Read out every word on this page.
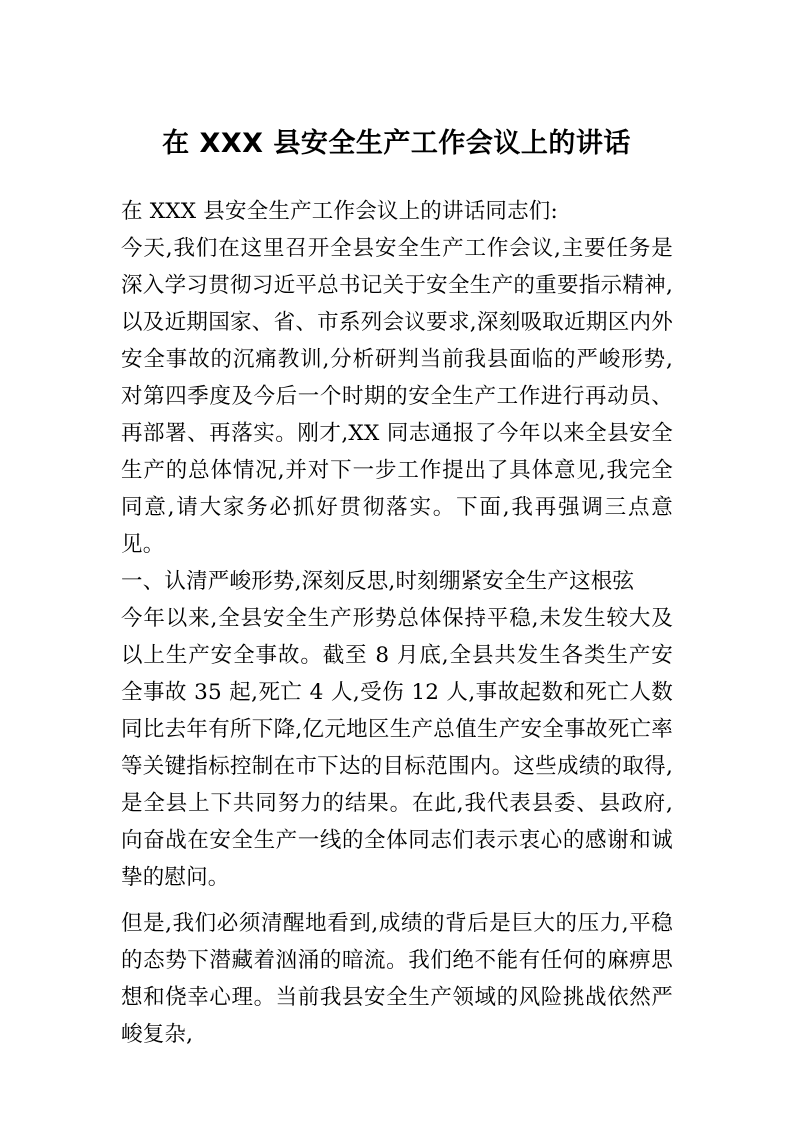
在 XXX 县安全生产工作会议上的讲话

在 XXX 县安全生产工作会议上的讲话同志们:

今天,我们在这里召开全县安全生产工作会议,主要任务是深入学习贯彻习近平总书记关于安全生产的重要指示精神,以及近期国家、省、市系列会议要求,深刻吸取近期区内外安全事故的沉痛教训,分析研判当前我县面临的严峻形势,对第四季度及今后一个时期的安全生产工作进行再动员、再部署、再落实。刚才,XX 同志通报了今年以来全县安全生产的总体情况,并对下一步工作提出了具体意见,我完全同意,请大家务必抓好贯彻落实。下面,我再强调三点意见。

一、认清严峻形势,深刻反思,时刻绷紧安全生产这根弦

今年以来,全县安全生产形势总体保持平稳,未发生较大及以上生产安全事故。截至 8 月底,全县共发生各类生产安全事故 35 起,死亡 4 人,受伤 12 人,事故起数和死亡人数同比去年有所下降,亿元地区生产总值生产安全事故死亡率等关键指标控制在市下达的目标范围内。这些成绩的取得,是全县上下共同努力的结果。在此,我代表县委、县政府,向奋战在安全生产一线的全体同志们表示衷心的感谢和诚挚的慰问。

但是,我们必须清醒地看到,成绩的背后是巨大的压力,平稳的态势下潜藏着汹涌的暗流。我们绝不能有任何的麻痹思想和侥幸心理。当前我县安全生产领域的风险挑战依然严峻复杂,
